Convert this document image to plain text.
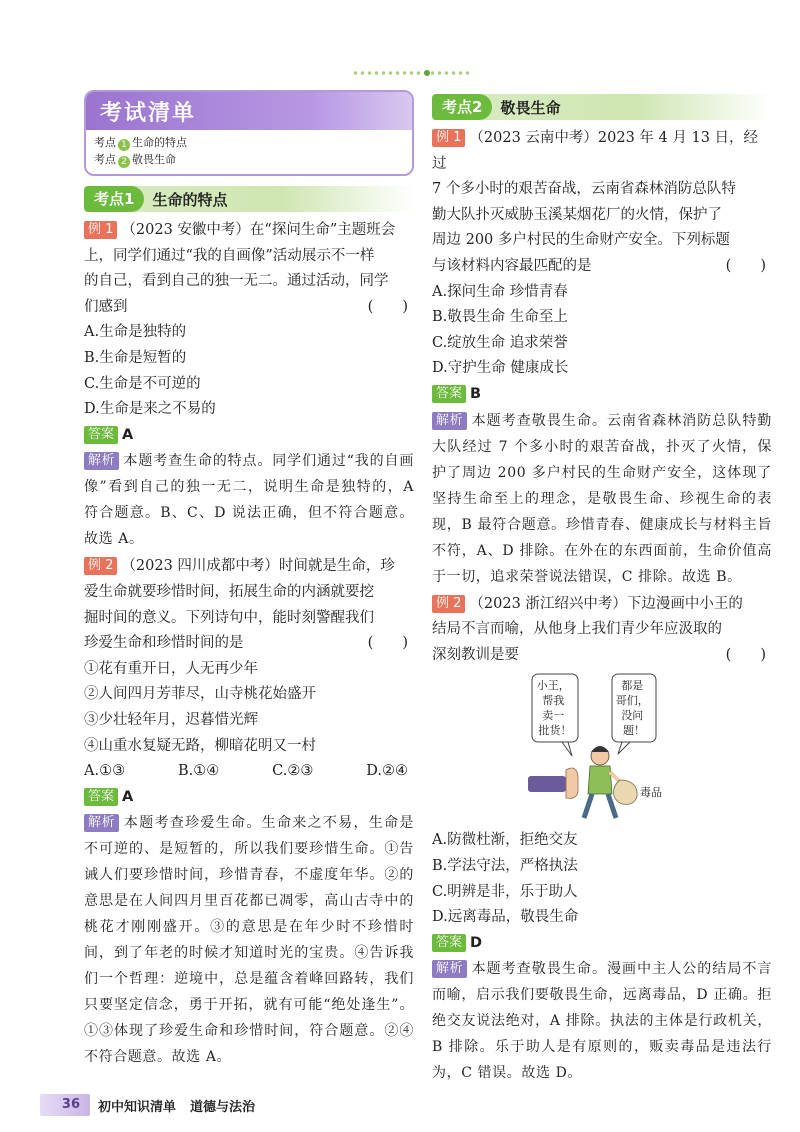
考试清单
考点 1 生命的特点
考点 2 敬畏生命
考点1	生命的特点

例 1 （2023 安徽中考）在“探问生命”主题班会

上，同学们通过“我的自画像”活动展示不一样

的自己，看到自己的独一无二。通过活动，同学

们感到	(　　)

A.生命是独特的

B.生命是短暂的

C.生命是不可逆的

D.生命是来之不易的

答案 A

解析 本题考查生命的特点。同学们通过“我的自画像”看到自己的独一无二，说明生命是独特的，A 符合题意。B、C、D 说法正确，但不符合题意。故选 A。

例 2 （2023 四川成都中考）时间就是生命，珍

爱生命就要珍惜时间，拓展生命的内涵就要挖

掘时间的意义。下列诗句中，能时刻警醒我们

珍爱生命和珍惜时间的是	(　　)

①花有重开日，人无再少年

②人间四月芳菲尽，山寺桃花始盛开

③少壮轻年月，迟暮惜光辉

④山重水复疑无路，柳暗花明又一村

A.①③	B.①④	C.②③	D.②④

答案 A

解析 本题考查珍爱生命。生命来之不易，生命是不可逆的、是短暂的，所以我们要珍惜生命。①告诫人们要珍惜时间，珍惜青春，不虚度年华。②的意思是在人间四月里百花都已凋零，高山古寺中的桃花才刚刚盛开。③的意思是在年少时不珍惜时间，到了年老的时候才知道时光的宝贵。④告诉我们一个哲理：逆境中，总是蕴含着峰回路转，我们只要坚定信念，勇于开拓，就有可能“绝处逢生”。①③体现了珍爱生命和珍惜时间，符合题意。②④不符合题意。故选 A。
考点2	敬畏生命

例 1 （2023 云南中考）2023 年 4 月 13 日，经过

7 个多小时的艰苦奋战，云南省森林消防总队特

勤大队扑灭威胁玉溪某烟花厂的火情，保护了

周边 200 多户村民的生命财产安全。下列标题

与该材料内容最匹配的是	(　　)

A.探问生命 珍惜青春

B.敬畏生命 生命至上

C.绽放生命 追求荣誉

D.守护生命 健康成长

答案 B

解析 本题考查敬畏生命。云南省森林消防总队特勤大队经过 7 个多小时的艰苦奋战，扑灭了火情，保护了周边 200 多户村民的生命财产安全，这体现了坚持生命至上的理念，是敬畏生命、珍视生命的表现，B 最符合题意。珍惜青春、健康成长与材料主旨不符，A、D 排除。在外在的东西面前，生命价值高于一切，追求荣誉说法错误，C 排除。故选 B。

例 2 （2023 浙江绍兴中考）下边漫画中小王的

结局不言而喻，从他身上我们青少年应汲取的

深刻教训是要	(　　)

小王， 帮我 卖一 批货！
都是 哥们， 没问 题！
毒品

A.防微杜渐，拒绝交友

B.学法守法，严格执法

C.明辨是非，乐于助人

D.远离毒品，敬畏生命

答案 D

解析 本题考查敬畏生命。漫画中主人公的结局不言而喻，启示我们要敬畏生命，远离毒品，D 正确。拒绝交友说法绝对，A 排除。执法的主体是行政机关，B 排除。乐于助人是有原则的，贩卖毒品是违法行为，C 错误。故选 D。
36	初中知识清单 道德与法治
